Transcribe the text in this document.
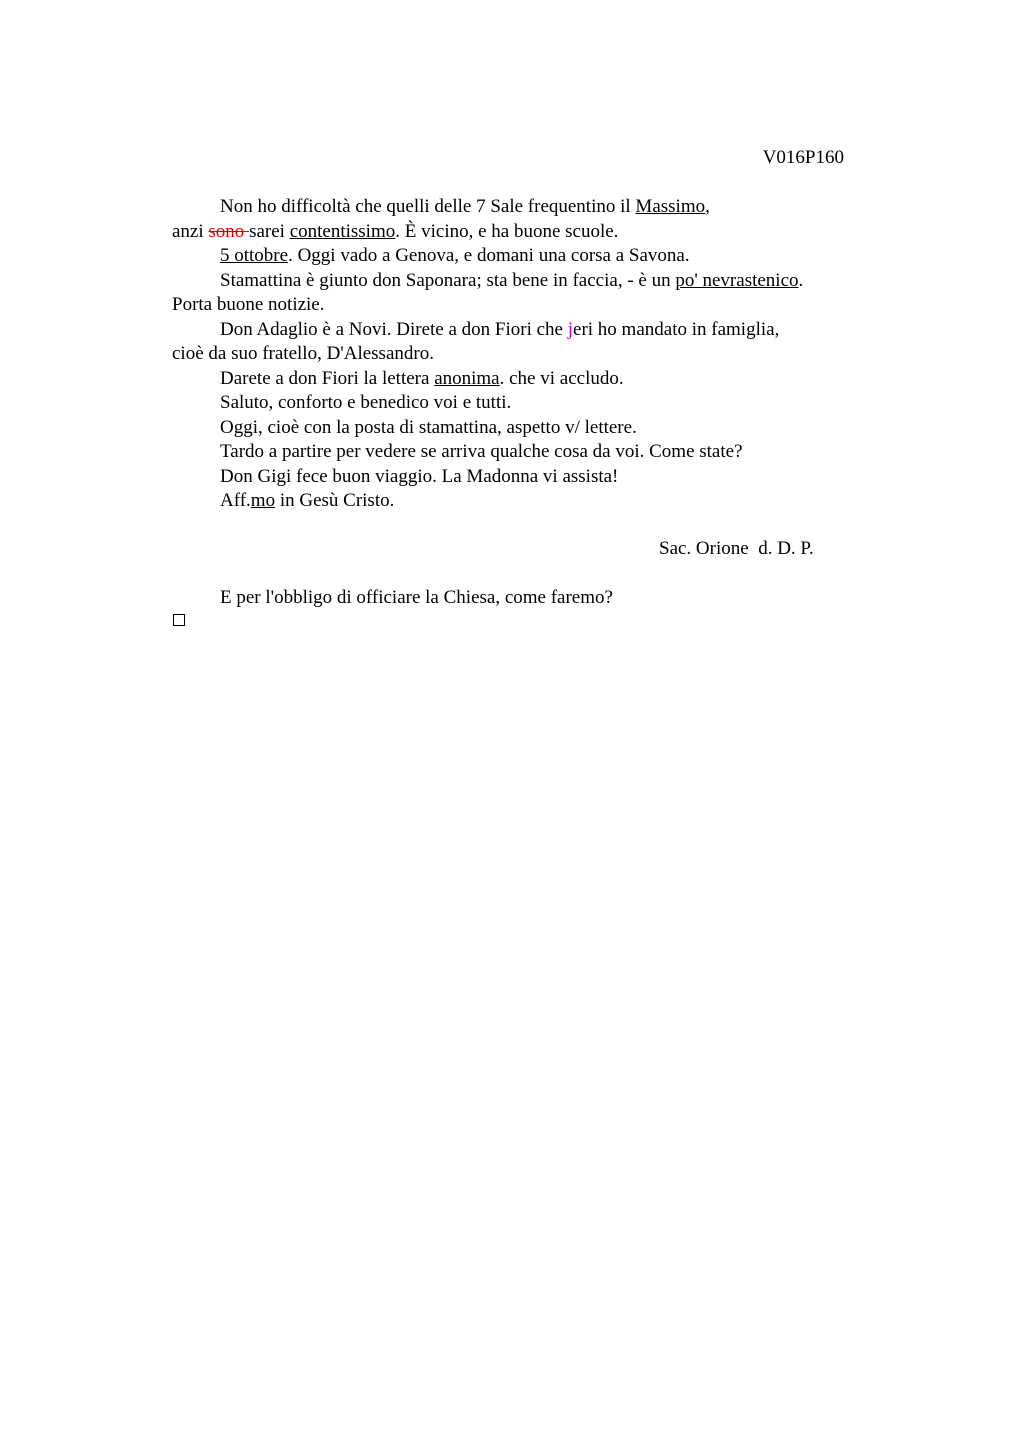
V016P160
Non ho difficoltà che quelli delle 7 Sale frequentino il Massimo,
anzi sono sarei contentissimo. È vicino, e ha buone scuole.
5 ottobre. Oggi vado a Genova, e domani una corsa a Savona.
Stamattina è giunto don Saponara; sta bene in faccia, - è un po' nevrastenico.
Porta buone notizie.
Don Adaglio è a Novi. Direte a don Fiori che jeri ho mandato in famiglia,
cioè da suo fratello, D'Alessandro.
Darete a don Fiori la lettera anonima. che vi accludo.
Saluto, conforto e benedico voi e tutti.
Oggi, cioè con la posta di stamattina, aspetto v/ lettere.
Tardo a partire per vedere se arriva qualche cosa da voi. Come state?
Don Gigi fece buon viaggio. La Madonna vi assista!
Aff.mo in Gesù Cristo.
Sac. Orione  d. D. P.
E per l'obbligo di officiare la Chiesa, come faremo?
